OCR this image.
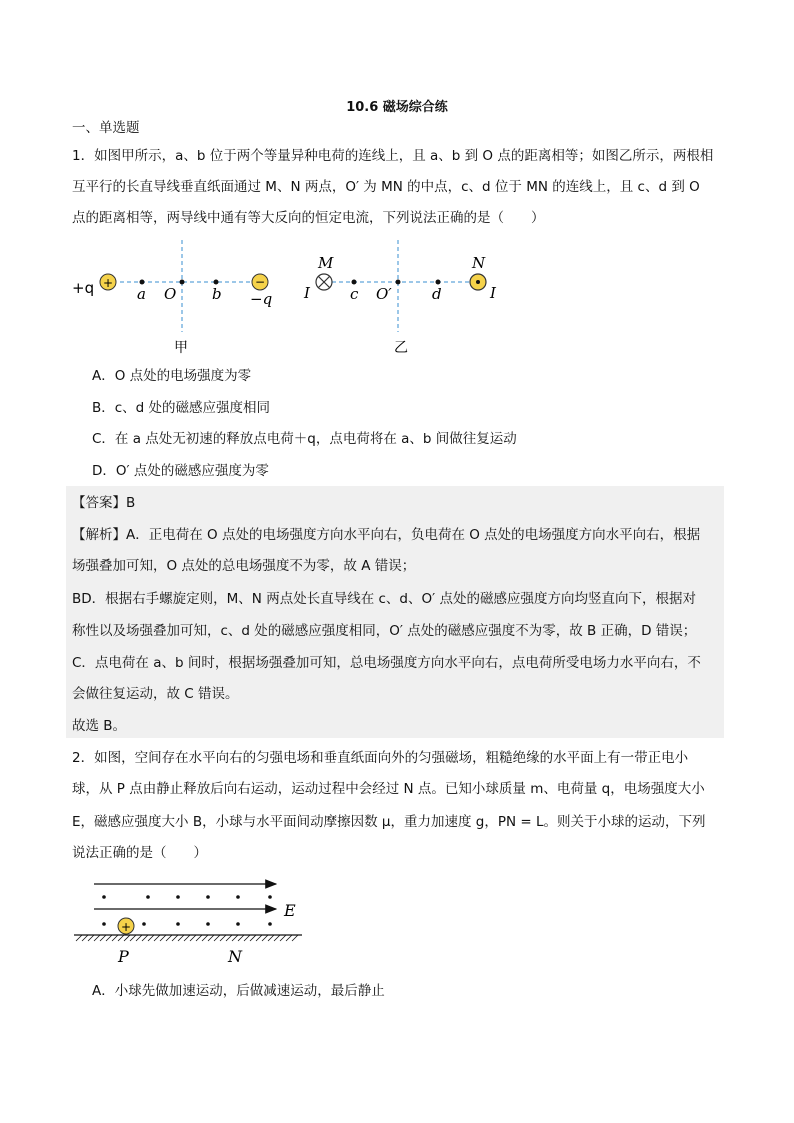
10.6 磁场综合练
一、单选题
1．如图甲所示，a、b 位于两个等量异种电荷的连线上，且 a、b 到 O 点的距离相等；如图乙所示，两根相
互平行的长直导线垂直纸面通过 M、N 两点，O′ 为 MN 的中点，c、d 位于 MN 的连线上，且 c、d 到 O
点的距离相等，两导线中通有等大反向的恒定电流，下列说法正确的是（　　）
+q +
a O b
−
−q
甲
M
I	c O′	d
N
I
乙
A．O 点处的电场强度为零
B．c、d 处的磁感应强度相同
C．在 a 点处无初速的释放点电荷＋q，点电荷将在 a、b 间做往复运动
D．O′ 点处的磁感应强度为零
【答案】B
【解析】A．正电荷在 O 点处的电场强度方向水平向右，负电荷在 O 点处的电场强度方向水平向右，根据
场强叠加可知，O 点处的总电场强度不为零，故 A 错误；
BD．根据右手螺旋定则，M、N 两点处长直导线在 c、d、O′ 点处的磁感应强度方向均竖直向下，根据对
称性以及场强叠加可知，c、d 处的磁感应强度相同，O′ 点处的磁感应强度不为零，故 B 正确，D 错误；
C．点电荷在 a、b 间时，根据场强叠加可知，总电场强度方向水平向右，点电荷所受电场力水平向右，不
会做往复运动，故 C 错误。
故选 B。
2．如图，空间存在水平向右的匀强电场和垂直纸面向外的匀强磁场，粗糙绝缘的水平面上有一带正电小
球，从 P 点由静止释放后向右运动，运动过程中会经过 N 点。已知小球质量 m、电荷量 q，电场强度大小
E，磁感应强度大小 B，小球与水平面间动摩擦因数 μ，重力加速度 g，PN = L。则关于小球的运动，下列
说法正确的是（　　）
E
+
P	N
A．小球先做加速运动，后做减速运动，最后静止
